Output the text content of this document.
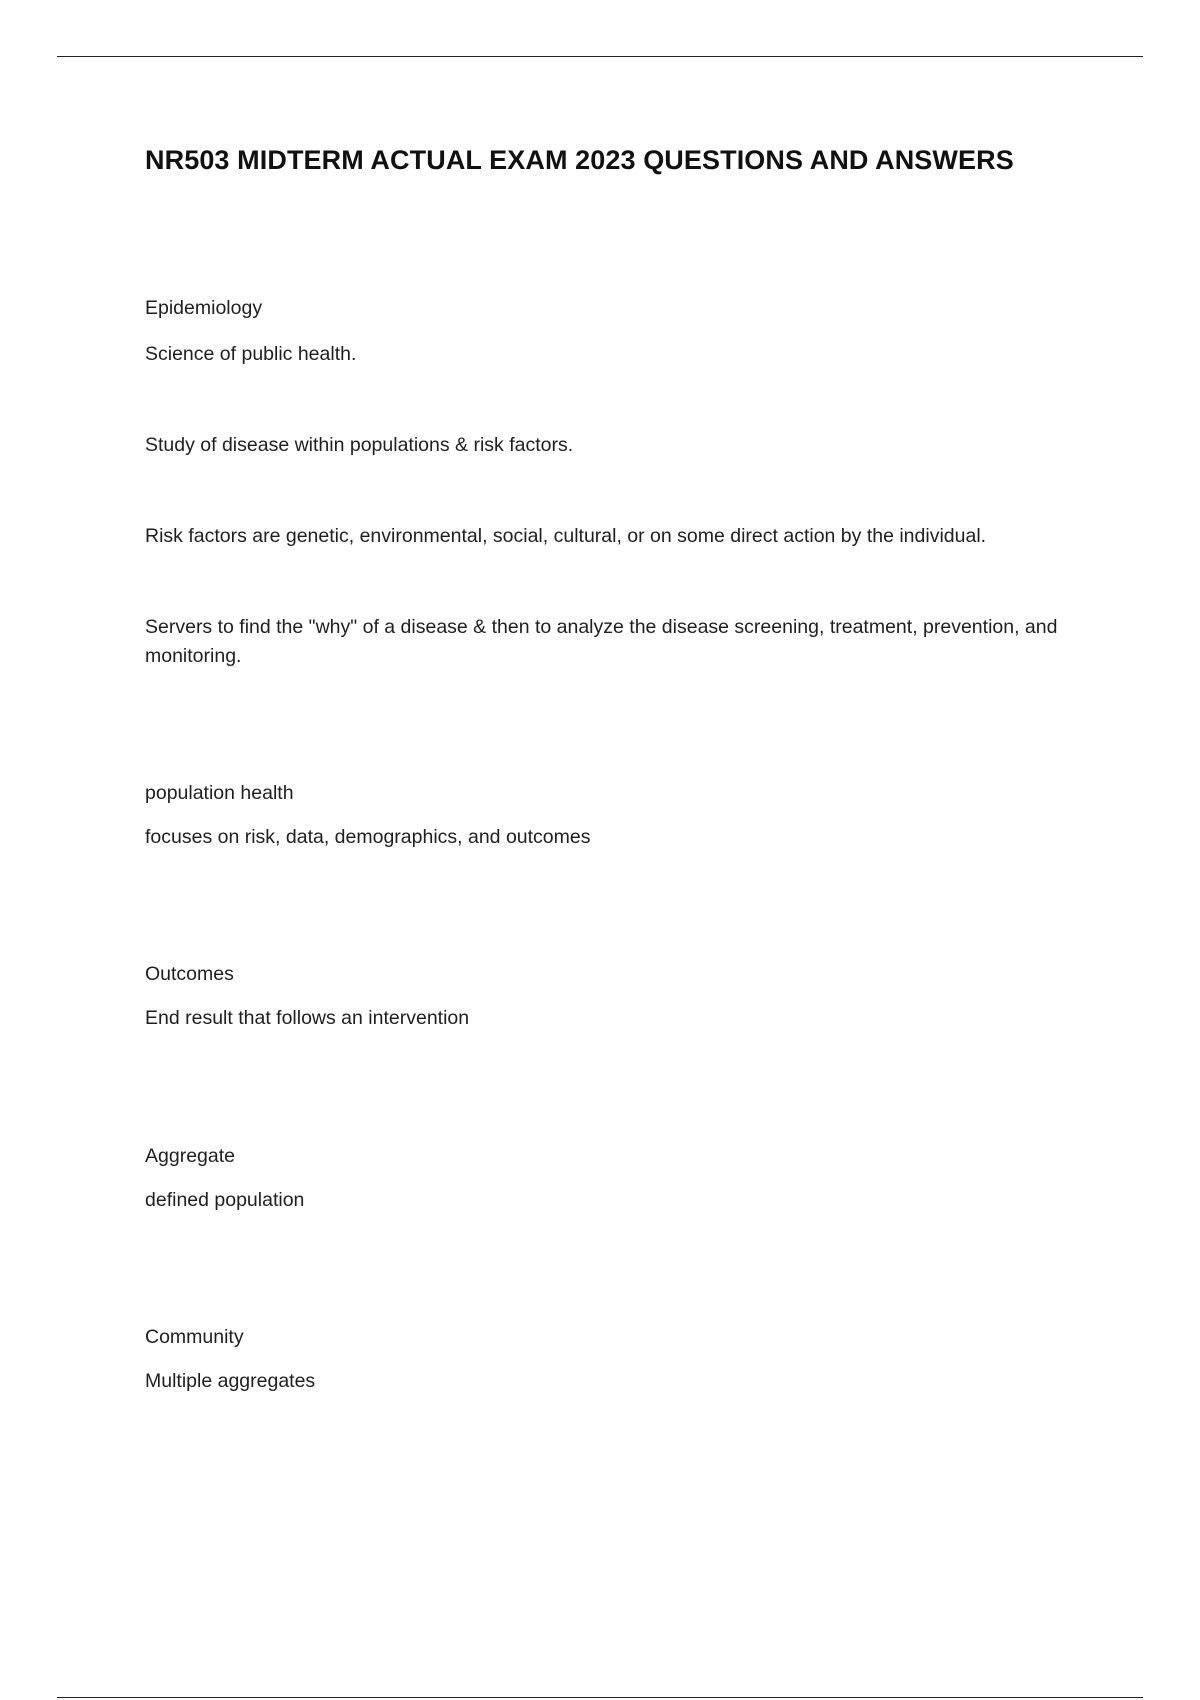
NR503 MIDTERM ACTUAL EXAM 2023 QUESTIONS AND ANSWERS

Epidemiology

Science of public health.

Study of disease within populations & risk factors.

Risk factors are genetic, environmental, social, cultural, or on some direct action by the individual.

Servers to find the "why" of a disease & then to analyze the disease screening, treatment, prevention, and monitoring.

population health

focuses on risk, data, demographics, and outcomes

Outcomes

End result that follows an intervention

Aggregate

defined population

Community

Multiple aggregates
